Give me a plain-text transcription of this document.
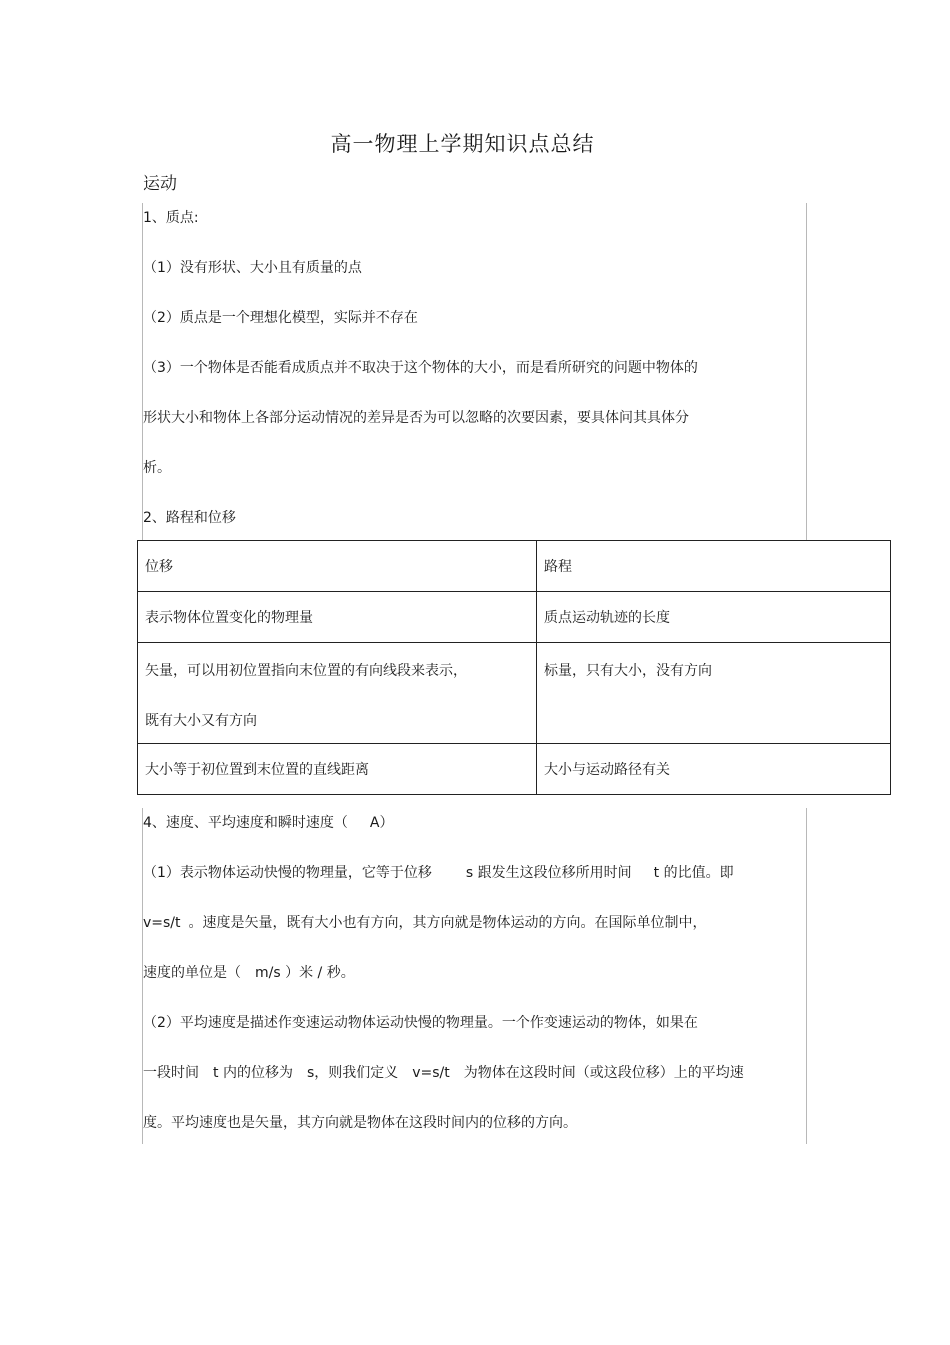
高一物理上学期知识点总结
运动
1、质点:
（1）没有形状、大小且有质量的点
（2）质点是一个理想化模型，实际并不存在
（3）一个物体是否能看成质点并不取决于这个物体的大小，而是看所研究的问题中物体的
形状大小和物体上各部分运动情况的差异是否为可以忽略的次要因素，要具体问其具体分
析。
2、路程和位移
位移	路程
表示物体位置变化的物理量	质点运动轨迹的长度

矢量，可以用初位置指向末位置的有向线段来表示，
既有大小又有方向	标量，只有大小，没有方向

大小等于初位置到末位置的直线距离	大小与运动路径有关
4、速度、平均速度和瞬时速度（ A）
（1）表示物体运动快慢的物理量，它等于位移 s 跟发生这段位移所用时间 t 的比值。即
v=s/t 。速度是矢量，既有大小也有方向，其方向就是物体运动的方向。在国际单位制中，
速度的单位是（ m/s ）米 / 秒。
（2）平均速度是描述作变速运动物体运动快慢的物理量。一个作变速运动的物体，如果在
一段时间 t 内的位移为 s，则我们定义 v=s/t 为物体在这段时间（或这段位移）上的平均速
度。平均速度也是矢量，其方向就是物体在这段时间内的位移的方向。
